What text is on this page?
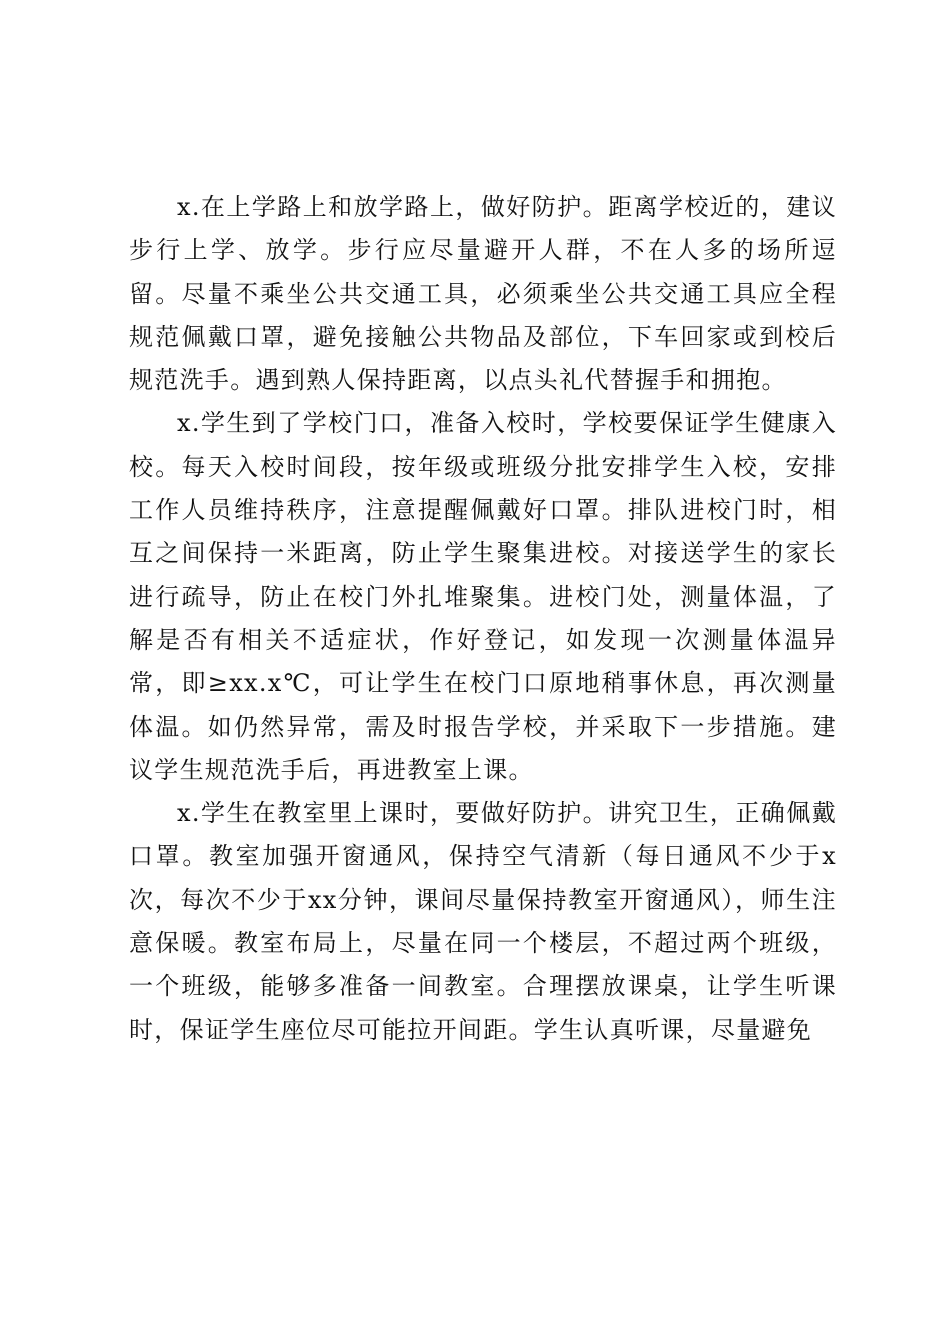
x.在上学路上和放学路上，做好防护。距离学校近的，建议步行上学、放学。步行应尽量避开人群，不在人多的场所逗留。尽量不乘坐公共交通工具，必须乘坐公共交通工具应全程规范佩戴口罩，避免接触公共物品及部位，下车回家或到校后规范洗手。遇到熟人保持距离，以点头礼代替握手和拥抱。

x.学生到了学校门口，准备入校时，学校要保证学生健康入校。每天入校时间段，按年级或班级分批安排学生入校，安排工作人员维持秩序，注意提醒佩戴好口罩。排队进校门时，相互之间保持一米距离，防止学生聚集进校。对接送学生的家长进行疏导，防止在校门外扎堆聚集。进校门处，测量体温，了解是否有相关不适症状，作好登记，如发现一次测量体温异常，即≥xx.x℃，可让学生在校门口原地稍事休息，再次测量体温。如仍然异常，需及时报告学校，并采取下一步措施。建议学生规范洗手后，再进教室上课。

x.学生在教室里上课时，要做好防护。讲究卫生，正确佩戴口罩。教室加强开窗通风，保持空气清新（每日通风不少于x次，每次不少于xx分钟，课间尽量保持教室开窗通风），师生注意保暖。教室布局上，尽量在同一个楼层，不超过两个班级，一个班级，能够多准备一间教室。合理摆放课桌，让学生听课时，保证学生座位尽可能拉开间距。学生认真听课，尽量避免
